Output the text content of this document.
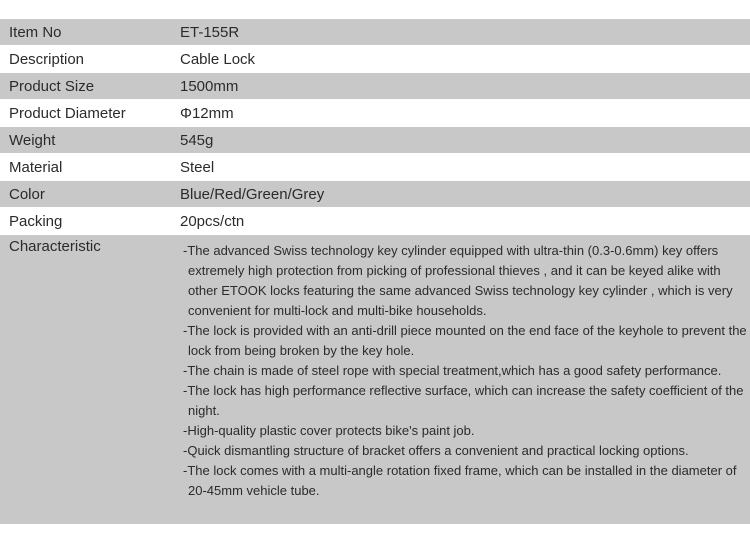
Item No	ET-155R
Description	Cable Lock
Product Size	1500mm
Product Diameter	Φ12mm
Weight	545g
Material	Steel
Color	Blue/Red/Green/Grey
Packing	20pcs/ctn
Characteristic	-The advanced Swiss technology key cylinder equipped with ultra-thin (0.3-0.6mm) key offers extremely high protection from picking of professional thieves , and it can be keyed alike with other ETOOK locks featuring the same advanced Swiss technology key cylinder , which is very convenient for multi-lock and multi-bike households.
-The lock is provided with an anti-drill piece mounted on the end face of the keyhole to prevent the lock from being broken by the key hole.
-The chain is made of steel rope with special treatment,which has a good safety performance.
-The lock has high performance reflective surface, which can increase the safety coefficient of the night.
-High-quality plastic cover protects bike's paint job.
-Quick dismantling structure of bracket offers a convenient and practical locking options.
-The lock comes with a multi-angle rotation fixed frame, which can be installed in the diameter of 20-45mm vehicle tube.
